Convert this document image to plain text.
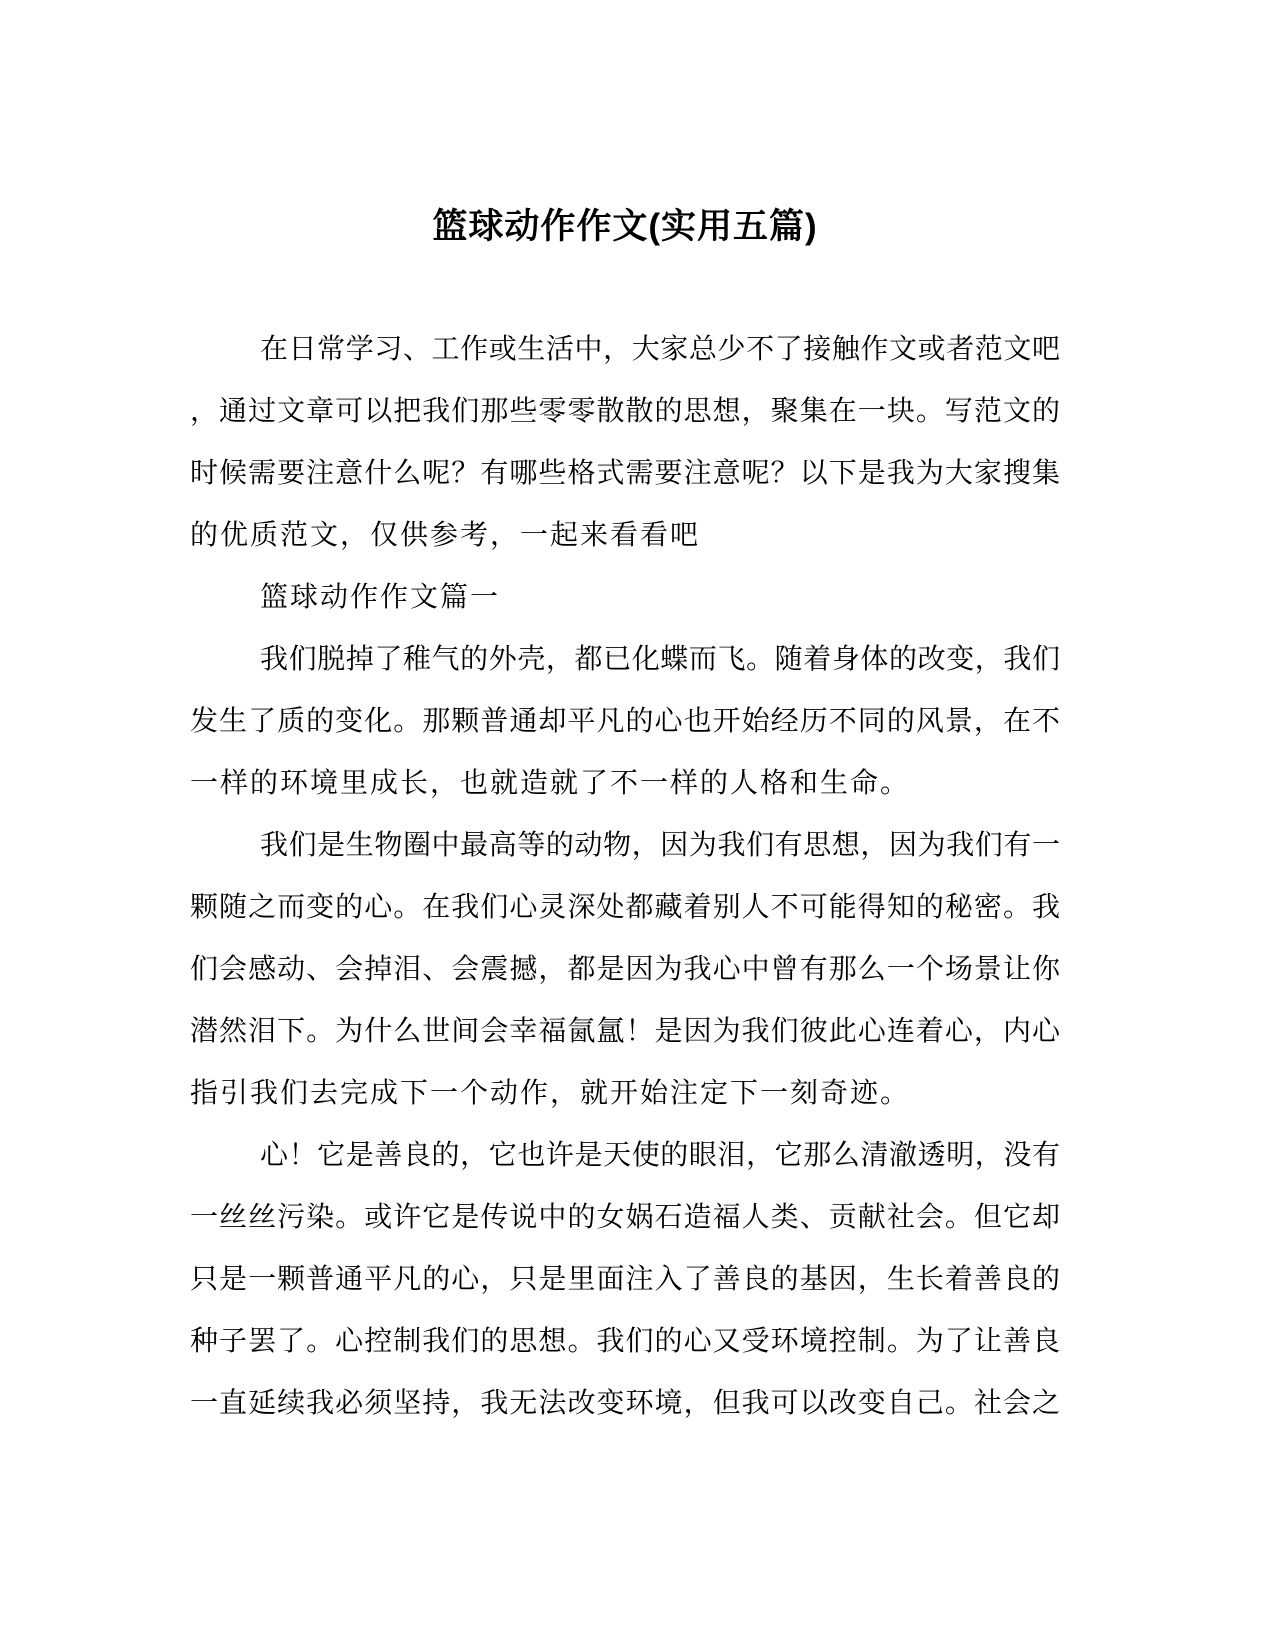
篮球动作作文(实用五篇)
在日常学习、工作或生活中，大家总少不了接触作文或者范文吧
，通过文章可以把我们那些零零散散的思想，聚集在一块。写范文的
时候需要注意什么呢？有哪些格式需要注意呢？以下是我为大家搜集
的优质范文，仅供参考，一起来看看吧
篮球动作作文篇一
我们脱掉了稚气的外壳，都已化蝶而飞。随着身体的改变，我们
发生了质的变化。那颗普通却平凡的心也开始经历不同的风景，在不
一样的环境里成长，也就造就了不一样的人格和生命。
我们是生物圈中最高等的动物，因为我们有思想，因为我们有一
颗随之而变的心。在我们心灵深处都藏着别人不可能得知的秘密。我
们会感动、会掉泪、会震撼，都是因为我心中曾有那么一个场景让你
潜然泪下。为什么世间会幸福氤氲！是因为我们彼此心连着心，内心
指引我们去完成下一个动作，就开始注定下一刻奇迹。
心！它是善良的，它也许是天使的眼泪，它那么清澈透明，没有
一丝丝污染。或许它是传说中的女娲石造福人类、贡献社会。但它却
只是一颗普通平凡的心，只是里面注入了善良的基因，生长着善良的
种子罢了。心控制我们的思想。我们的心又受环境控制。为了让善良
一直延续我必须坚持，我无法改变环境，但我可以改变自己。社会之
